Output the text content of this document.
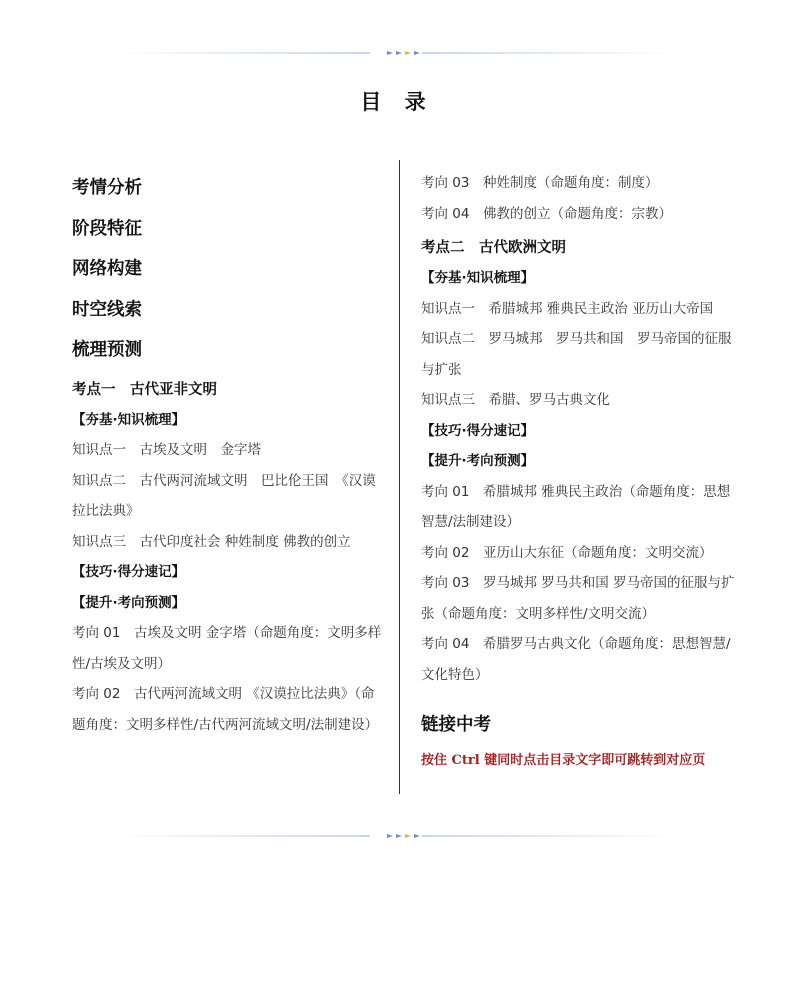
目 录
考情分析
阶段特征
网络构建
时空线索
梳理预测
考点一　古代亚非文明
【夯基·知识梳理】
知识点一　古埃及文明　金字塔
知识点二　古代两河流域文明　巴比伦王国　《汉谟拉比法典》
知识点三　古代印度社会 种姓制度 佛教的创立
【技巧·得分速记】
【提升·考向预测】
考向 01　古埃及文明 金字塔（命题角度：文明多样性/古埃及文明）
考向 02　古代两河流域文明 《汉谟拉比法典》（命题角度：文明多样性/古代两河流域文明/法制建设）
考向 03　种姓制度（命题角度：制度）
考向 04　佛教的创立（命题角度：宗教）
考点二　古代欧洲文明
【夯基·知识梳理】
知识点一　希腊城邦 雅典民主政治 亚历山大帝国
知识点二　罗马城邦　罗马共和国　罗马帝国的征服与扩张
知识点三　希腊、罗马古典文化
【技巧·得分速记】
【提升·考向预测】
考向 01　希腊城邦 雅典民主政治（命题角度：思想智慧/法制建设）
考向 02　亚历山大东征（命题角度：文明交流）
考向 03　罗马城邦 罗马共和国 罗马帝国的征服与扩张（命题角度：文明多样性/文明交流）
考向 04　希腊罗马古典文化（命题角度：思想智慧/文化特色）
链接中考
按住 Ctrl 键同时点击目录文字即可跳转到对应页
